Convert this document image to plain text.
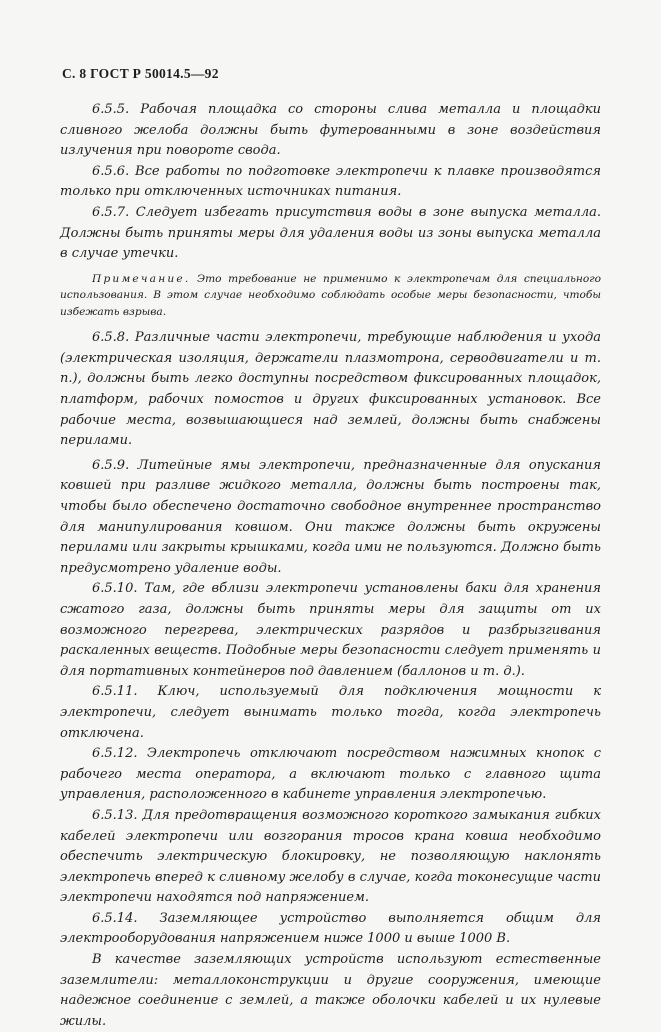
С. 8 ГОСТ Р 50014.5—92

6.5.5. Рабочая площадка со стороны слива металла и площадки сливного желоба должны быть футерованными в зоне воздействия излучения при повороте свода.

6.5.6. Все работы по подготовке электропечи к плавке производятся только при отключенных источниках питания.

6.5.7. Следует избегать присутствия воды в зоне выпуска металла. Должны быть приняты меры для удаления воды из зоны выпуска металла в случае утечки.

Примечание. Это требование не применимо к электропечам для специального использования. В этом случае необходимо соблюдать особые меры безопасности, чтобы избежать взрыва.

6.5.8. Различные части электропечи, требующие наблюдения и ухода (электрическая изоляция, держатели плазмотрона, серводвигатели и т. п.), должны быть легко доступны посредством фиксированных площадок, платформ, рабочих помостов и других фиксированных установок. Все рабочие места, возвышающиеся над землей, должны быть снабжены перилами.

6.5.9. Литейные ямы электропечи, предназначенные для опускания ковшей при разливе жидкого металла, должны быть построены так, чтобы было обеспечено достаточно свободное внутреннее пространство для манипулирования ковшом. Они также должны быть окружены перилами или закрыты крышками, когда ими не пользуются. Должно быть предусмотрено удаление воды.

6.5.10. Там, где вблизи электропечи установлены баки для хранения сжатого газа, должны быть приняты меры для защиты от их возможного перегрева, электрических разрядов и разбрызгивания раскаленных веществ. Подобные меры безопасности следует применять и для портативных контейнеров под давлением (баллонов и т. д.).

6.5.11. Ключ, используемый для подключения мощности к электропечи, следует вынимать только тогда, когда электропечь отключена.

6.5.12. Электропечь отключают посредством нажимных кнопок с рабочего места оператора, а включают только с главного щита управления, расположенного в кабинете управления электропечью.

6.5.13. Для предотвращения возможного короткого замыкания гибких кабелей электропечи или возгорания тросов крана ковша необходимо обеспечить электрическую блокировку, не позволяющую наклонять электропечь вперед к сливному желобу в случае, когда токонесущие части электропечи находятся под напряжением.

6.5.14. Заземляющее устройство выполняется общим для электрооборудования напряжением ниже 1000 и выше 1000 В.

В качестве заземляющих устройств используют естественные заземлители: металлоконструкции и другие сооружения, имеющие надежное соединение с землей, а также оболочки кабелей и их нулевые жилы.
